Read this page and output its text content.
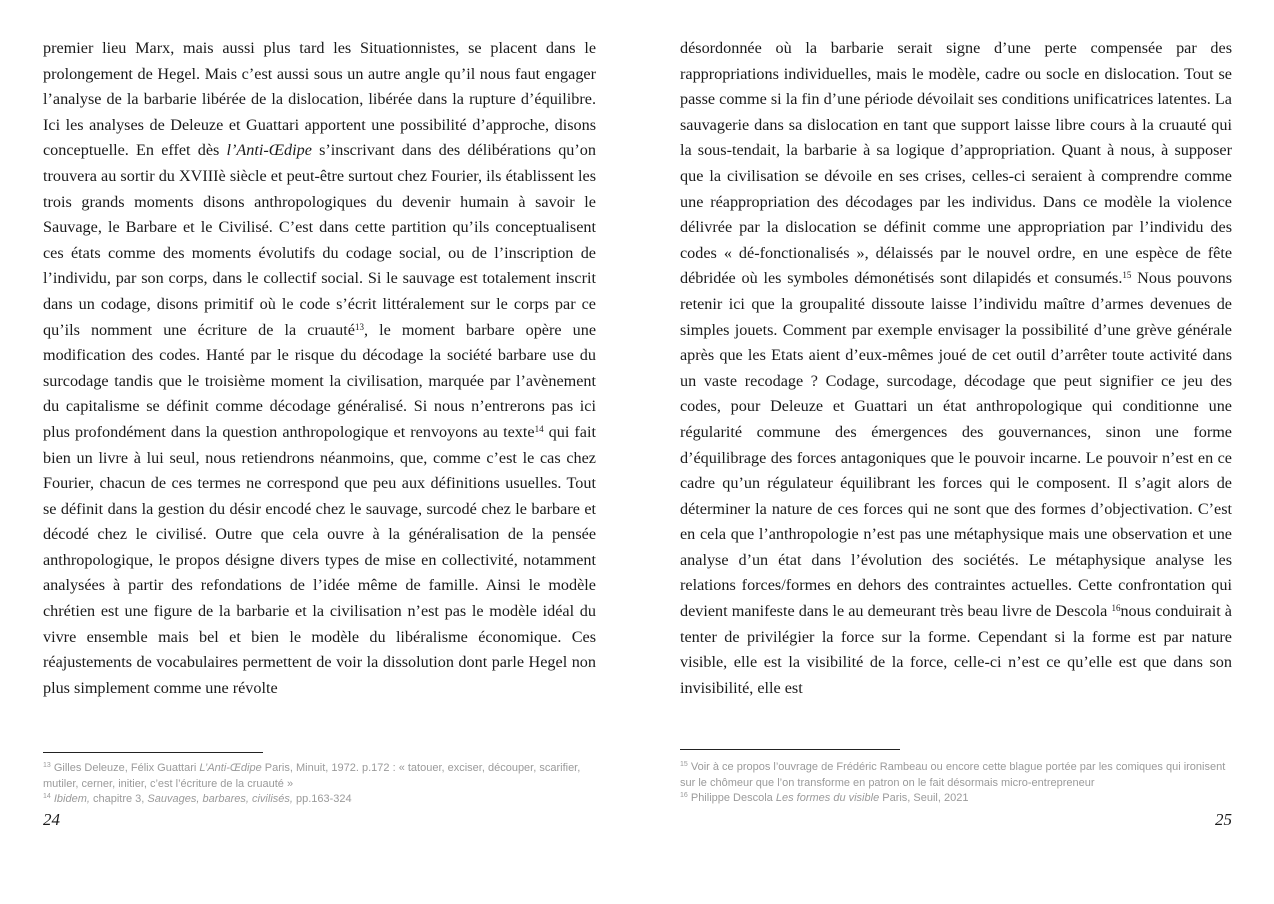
premier lieu Marx, mais aussi plus tard les Situationnistes, se placent dans le prolongement de Hegel. Mais c’est aussi sous un autre angle qu’il nous faut engager l’analyse de la barbarie libérée de la dislocation, libérée dans la rupture d’équilibre. Ici les analyses de Deleuze et Guattari apportent une possibilité d’approche, disons conceptuelle. En effet dès l’Anti-Œdipe s’inscrivant dans des délibérations qu’on trouvera au sortir du XVIIIè siècle et peut-être surtout chez Fourier, ils établissent les trois grands moments disons anthropologiques du devenir humain à savoir le Sauvage, le Barbare et le Civilisé. C’est dans cette partition qu’ils conceptualisent ces états comme des moments évolutifs du codage social, ou de l’inscription de l’individu, par son corps, dans le collectif social. Si le sauvage est totalement inscrit dans un codage, disons primitif où le code s’écrit littéralement sur le corps par ce qu’ils nomment une écriture de la cruauté$^{13}$, le moment barbare opère une modification des codes. Hanté par le risque du décodage la société barbare use du surcodage tandis que le troisième moment la civilisation, marquée par l’avènement du capitalisme se définit comme décodage généralisé. Si nous n’entrerons pas ici plus profondément dans la question anthropologique et renvoyons au texte$^{14}$ qui fait bien un livre à lui seul, nous retiendrons néanmoins, que, comme c’est le cas chez Fourier, chacun de ces termes ne correspond que peu aux définitions usuelles. Tout se définit dans la gestion du désir encodé chez le sauvage, surcodé chez le barbare et décodé chez le civilisé. Outre que cela ouvre à la généralisation de la pensée anthropologique, le propos désigne divers types de mise en collectivité, notamment analysées à partir des refondations de l’idée même de famille. Ainsi le modèle chrétien est une figure de la barbarie et la civilisation n’est pas le modèle idéal du vivre ensemble mais bel et bien le modèle du libéralisme économique. Ces réajustements de vocabulaires permettent de voir la dissolution dont parle Hegel non plus simplement comme une révolte

$^{13}$ Gilles Deleuze, Félix Guattari L’Anti-Œdipe Paris, Minuit, 1972. p.172 : « tatouer, exciser, découper, scarifier, mutiler, cerner, initier, c’est l’écriture de la cruauté »

$^{14}$ Ibidem, chapitre 3, Sauvages, barbares, civilisés, pp.163-324

24

désordonnée où la barbarie serait signe d’une perte compensée par des rappropriations individuelles, mais le modèle, cadre ou socle en dislocation. Tout se passe comme si la fin d’une période dévoilait ses conditions unificatrices latentes. La sauvagerie dans sa dislocation en tant que support laisse libre cours à la cruauté qui la sous-tendait, la barbarie à sa logique d’appropriation. Quant à nous, à supposer que la civilisation se dévoile en ses crises, celles-ci seraient à comprendre comme une réappropriation des décodages par les individus. Dans ce modèle la violence délivrée par la dislocation se définit comme une appropriation par l’individu des codes « dé-fonctionalisés », délaissés par le nouvel ordre, en une espèce de fête débridée où les symboles démonétisés sont dilapidés et consumés.$^{15}$ Nous pouvons retenir ici que la groupalité dissoute laisse l’individu maître d’armes devenues de simples jouets. Comment par exemple envisager la possibilité d’une grève générale après que les Etats aient d’eux-mêmes joué de cet outil d’arrêter toute activité dans un vaste recodage ? Codage, surcodage, décodage que peut signifier ce jeu des codes, pour Deleuze et Guattari un état anthropologique qui conditionne une régularité commune des émergences des gouvernances, sinon une forme d’équilibrage des forces antagoniques que le pouvoir incarne. Le pouvoir n’est en ce cadre qu’un régulateur équilibrant les forces qui le composent. Il s’agit alors de déterminer la nature de ces forces qui ne sont que des formes d’objectivation. C’est en cela que l’anthropologie n’est pas une métaphysique mais une observation et une analyse d’un état dans l’évolution des sociétés. Le métaphysique analyse les relations forces/formes en dehors des contraintes actuelles. Cette confrontation qui devient manifeste dans le au demeurant très beau livre de Descola $^{16}$nous conduirait à tenter de privilégier la force sur la forme. Cependant si la forme est par nature visible, elle est la visibilité de la force, celle-ci n’est ce qu’elle est que dans son invisibilité, elle est

$^{15}$ Voir à ce propos l’ouvrage de Frédéric Rambeau ou encore cette blague portée par les comiques qui ironisent sur le chômeur que l’on transforme en patron on le fait désormais micro-entrepreneur

$^{16}$ Philippe Descola Les formes du visible Paris, Seuil, 2021

25
